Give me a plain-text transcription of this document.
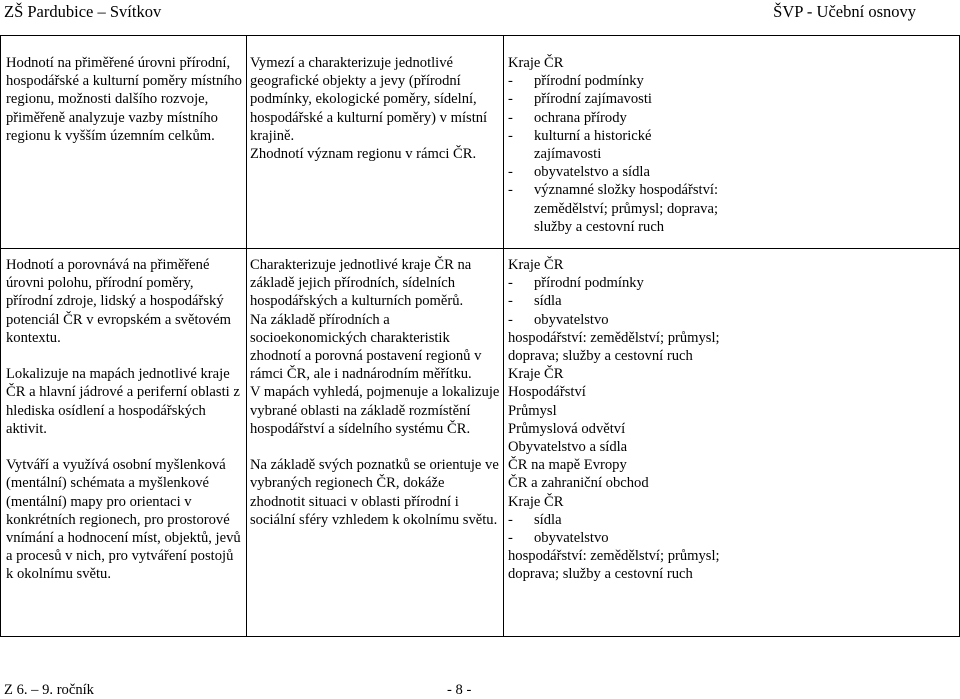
ZŠ Pardubice – Svítkov	ŠVP - Učební osnovy

Hodnotí na přiměřené úrovni přírodní, hospodářské a kulturní poměry místního regionu, možnosti dalšího rozvoje, přiměřeně analyzuje vazby místního regionu k vyšším územním celkům.

Vymezí a charakterizuje jednotlivé geografické objekty a jevy (přírodní podmínky, ekologické poměry, sídelní, hospodářské a kulturní poměry) v místní krajině.

Zhodnotí význam regionu v rámci ČR.

Kraje ČR

- přírodní podmínky

- přírodní zajímavosti

- ochrana přírody

- kulturní a historické zajímavosti

- obyvatelstvo a sídla

- významné složky hospodářství: zemědělství; průmysl; doprava; služby a cestovní ruch

Hodnotí a porovnává na přiměřené úrovni polohu, přírodní poměry, přírodní zdroje, lidský a hospodářský potenciál ČR v evropském a světovém kontextu.

Lokalizuje na mapách jednotlivé kraje ČR a hlavní jádrové a periferní oblasti z hlediska osídlení a hospodářských aktivit.

Vytváří a využívá osobní myšlenková (mentální) schémata a myšlenkové (mentální) mapy pro orientaci v konkrétních regionech, pro prostorové vnímání a hodnocení míst, objektů, jevů a procesů v nich, pro vytváření postojů k okolnímu světu.

Charakterizuje jednotlivé kraje ČR na základě jejich přírodních, sídelních hospodářských a kulturních poměrů.

Na základě přírodních a socioekonomických charakteristik zhodnotí a porovná postavení regionů v rámci ČR, ale i nadnárodním měřítku.

V mapách vyhledá, pojmenuje a lokalizuje vybrané oblasti na základě rozmístění hospodářství a sídelního systému ČR.

Na základě svých poznatků se orientuje ve vybraných regionech ČR, dokáže zhodnotit situaci v oblasti přírodní i sociální sféry vzhledem k okolnímu světu.

Kraje ČR

- přírodní podmínky

- sídla

- obyvatelstvo

hospodářství: zemědělství; průmysl; doprava; služby a cestovní ruch

Kraje ČR

Hospodářství

Průmysl

Průmyslová odvětví

Obyvatelstvo a sídla

ČR na mapě Evropy

ČR a zahraniční obchod

Kraje ČR

- sídla

- obyvatelstvo

hospodářství: zemědělství; průmysl; doprava; služby a cestovní ruch

Z 6. – 9. ročník	- 8 -
